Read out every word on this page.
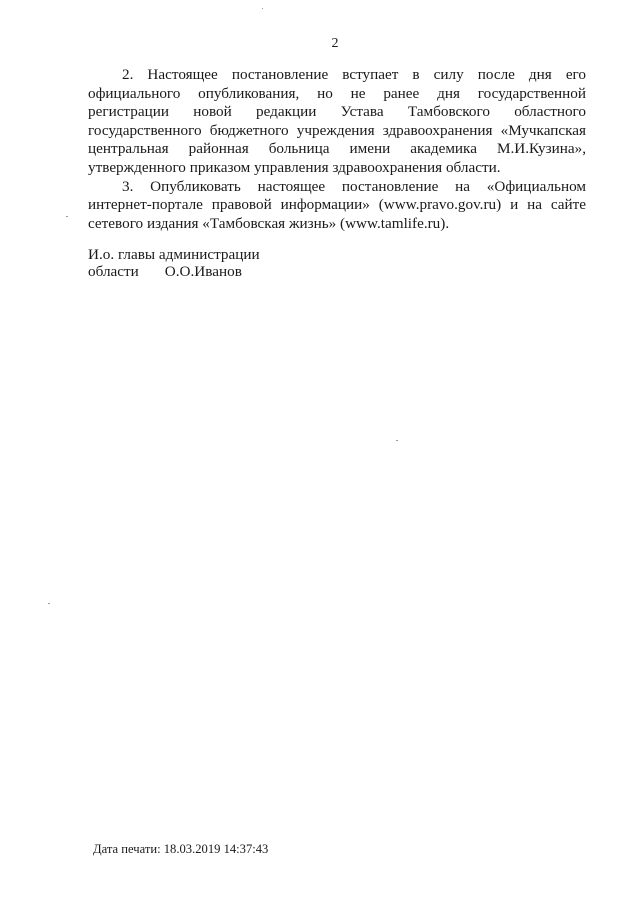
2

2. Настоящее постановление вступает в силу после дня его официального опубликования, но не ранее дня государственной регистрации новой редакции Устава Тамбовского областного государственного бюджетного учреждения здравоохранения «Мучкапская центральная районная больница имени академика М.И.Кузина», утвержденного приказом управления здравоохранения области.

3. Опубликовать настоящее постановление на «Официальном интернет-портале правовой информации» (www.pravo.gov.ru) и на сайте сетевого издания «Тамбовская жизнь» (www.tamlife.ru).

И.о. главы администрации
области О.О.Иванов
Дата печати: 18.03.2019 14:37:43
